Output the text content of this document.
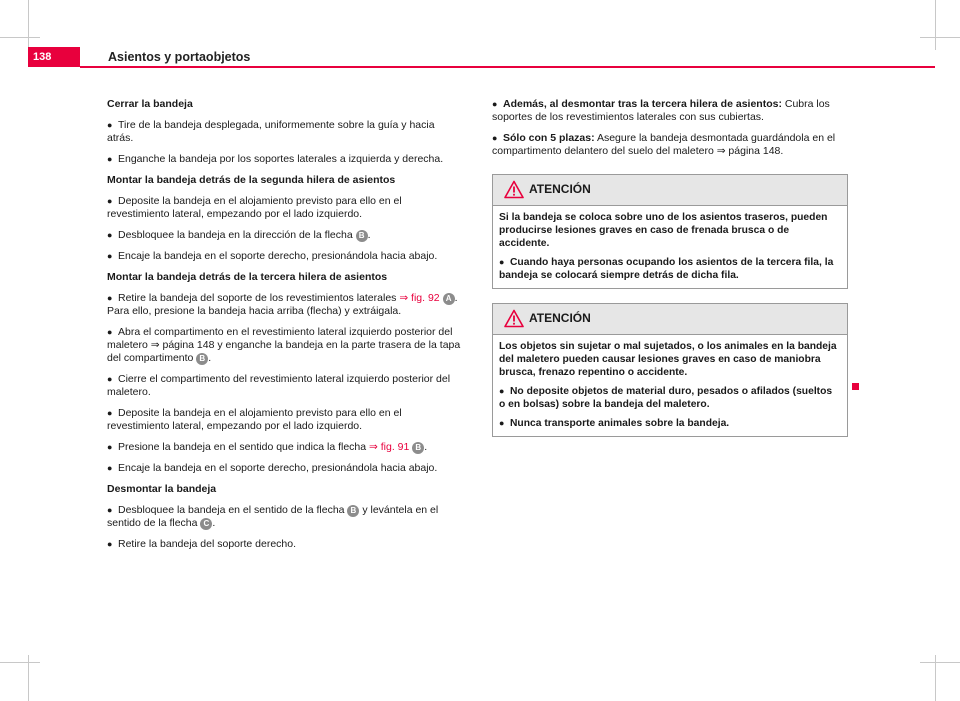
138	Asientos y portaobjetos

Cerrar la bandeja

● Tire de la bandeja desplegada, uniformemente sobre la guía y hacia atrás.

● Enganche la bandeja por los soportes laterales a izquierda y derecha.

Montar la bandeja detrás de la segunda hilera de asientos

● Deposite la bandeja en el alojamiento previsto para ello en el revestimiento lateral, empezando por el lado izquierdo.

● Desbloquee la bandeja en la dirección de la flecha B .

● Encaje la bandeja en el soporte derecho, presionándola hacia abajo.

Montar la bandeja detrás de la tercera hilera de asientos

● Retire la bandeja del soporte de los revestimientos laterales ⇒ fig. 92 A . Para ello, presione la bandeja hacia arriba (flecha) y extráigala.

● Abra el compartimento en el revestimiento lateral izquierdo posterior del maletero ⇒ página 148 y enganche la bandeja en la parte trasera de la tapa del compartimento B .

● Cierre el compartimento del revestimiento lateral izquierdo posterior del maletero.

● Deposite la bandeja en el alojamiento previsto para ello en el revestimiento lateral, empezando por el lado izquierdo.

● Presione la bandeja en el sentido que indica la flecha ⇒ fig. 91 B .

● Encaje la bandeja en el soporte derecho, presionándola hacia abajo.

Desmontar la bandeja

● Desbloquee la bandeja en el sentido de la flecha B y levántela en el sentido de la flecha C .

● Retire la bandeja del soporte derecho.

● Además, al desmontar tras la tercera hilera de asientos: Cubra los soportes de los revestimientos laterales con sus cubiertas.

● Sólo con 5 plazas: Asegure la bandeja desmontada guardándola en el compartimento delantero del suelo del maletero ⇒ página 148.

ATENCIÓN

Si la bandeja se coloca sobre uno de los asientos traseros, pueden producirse lesiones graves en caso de frenada brusca o de accidente.

● Cuando haya personas ocupando los asientos de la tercera fila, la bandeja se colocará siempre detrás de dicha fila.

ATENCIÓN

Los objetos sin sujetar o mal sujetados, o los animales en la bandeja del maletero pueden causar lesiones graves en caso de maniobra brusca, frenazo repentino o accidente.

● No deposite objetos de material duro, pesados o afilados (sueltos o en bolsas) sobre la bandeja del maletero.

● Nunca transporte animales sobre la bandeja.
